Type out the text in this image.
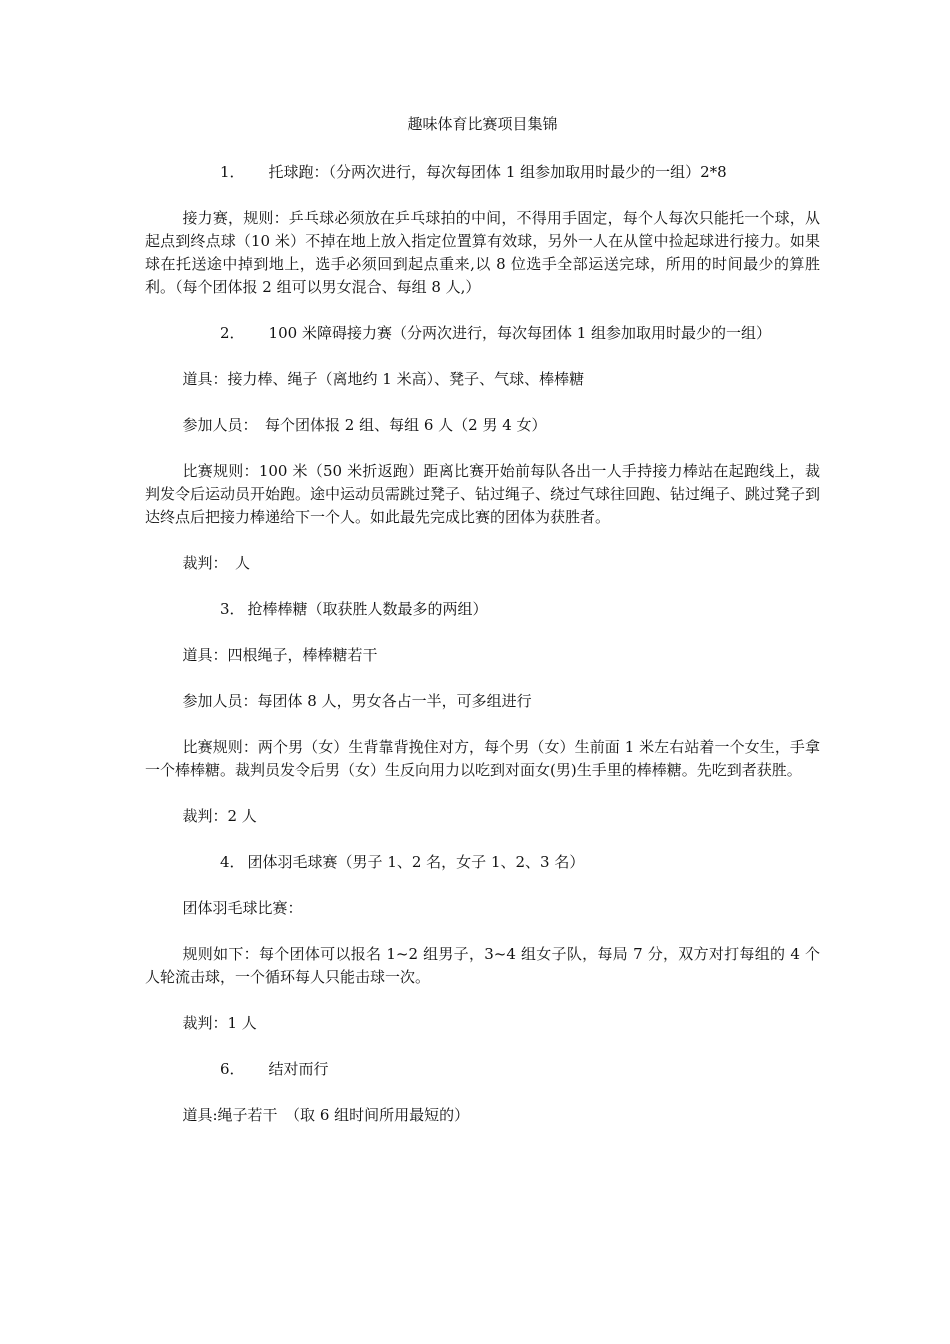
趣味体育比赛项目集锦
1． 托球跑：（分两次进行，每次每团体 1 组参加取用时最少的一组）2*8
接力赛，规则：乒乓球必须放在乒乓球拍的中间，不得用手固定，每个人每次只能托一个球，从起点到终点球（10 米）不掉在地上放入指定位置算有效球，另外一人在从筐中捡起球进行接力。如果球在托送途中掉到地上，选手必须回到起点重来,以 8 位选手全部运送完球，所用的时间最少的算胜利。（每个团体报 2 组可以男女混合、每组 8 人,）
2． 100 米障碍接力赛（分两次进行，每次每团体 1 组参加取用时最少的一组）
道具：接力棒、绳子（离地约 1 米高）、凳子、气球、棒棒糖
参加人员：　每个团体报 2 组、每组 6 人（2 男 4 女）
比赛规则：100 米（50 米折返跑）距离比赛开始前每队各出一人手持接力棒站在起跑线上，裁判发令后运动员开始跑。途中运动员需跳过凳子、钻过绳子、绕过气球往回跑、钻过绳子、跳过凳子到达终点后把接力棒递给下一个人。如此最先完成比赛的团体为获胜者。
裁判：　人
3． 抢棒棒糖（取获胜人数最多的两组）
道具：四根绳子，棒棒糖若干
参加人员：每团体 8 人，男女各占一半，可多组进行
比赛规则：两个男（女）生背靠背挽住对方，每个男（女）生前面 1 米左右站着一个女生，手拿一个棒棒糖。裁判员发令后男（女）生反向用力以吃到对面女(男)生手里的棒棒糖。先吃到者获胜。
裁判：2 人
4． 团体羽毛球赛（男子 1、2 名，女子 1、2、3 名）
团体羽毛球比赛：
规则如下：每个团体可以报名 1~2 组男子，3~4 组女子队，每局 7 分，双方对打每组的 4 个人轮流击球，一个循环每人只能击球一次。
裁判：1 人
6． 结对而行
道具:绳子若干　（取 6 组时间所用最短的）
